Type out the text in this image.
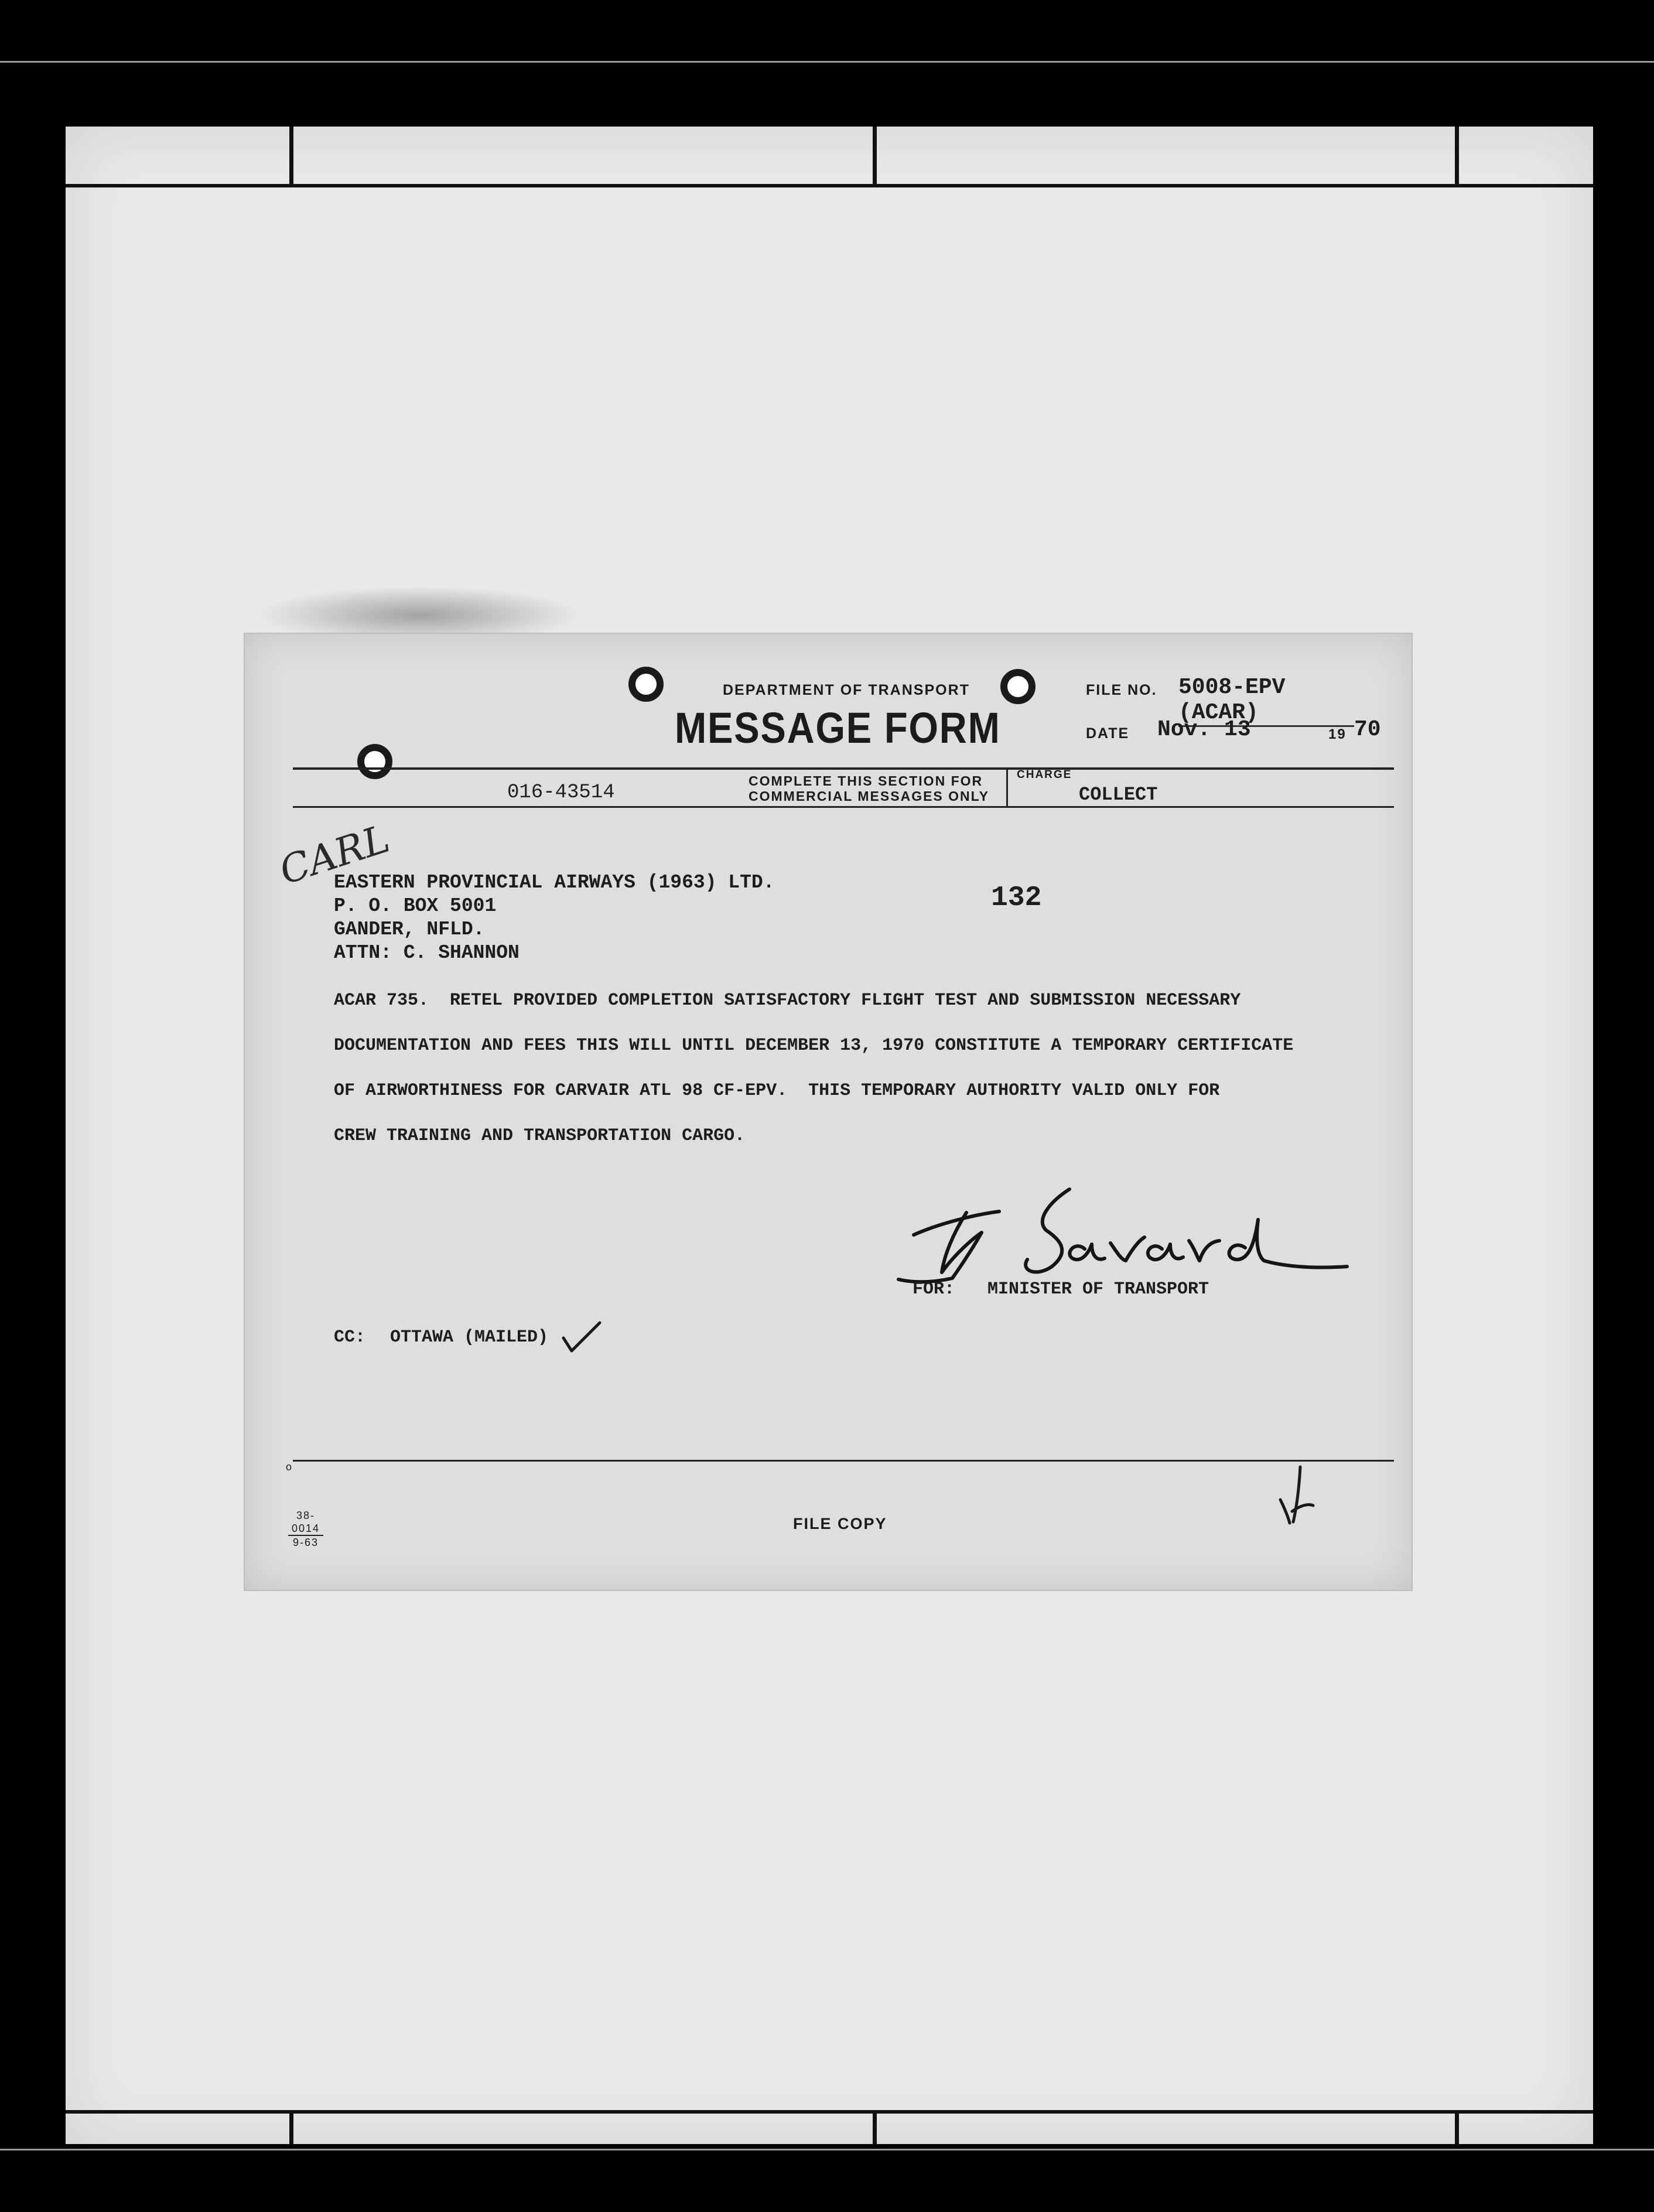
DEPARTMENT OF TRANSPORT
MESSAGE FORM
FILE NO. 5008-EPV (ACAR)
DATE Nov. 13	19 70
016-43514
COMPLETE THIS SECTION FOR
COMMERCIAL MESSAGES ONLY
CHARGE
COLLECT
CARL
EASTERN PROVINCIAL AIRWAYS (1963) LTD.
P. O. BOX 5001
GANDER, NFLD.
ATTN: C. SHANNON
132
ACAR 735.  RETEL PROVIDED COMPLETION SATISFACTORY FLIGHT TEST AND SUBMISSION NECESSARY
DOCUMENTATION AND FEES THIS WILL UNTIL DECEMBER 13, 1970 CONSTITUTE A TEMPORARY CERTIFICATE
OF AIRWORTHINESS FOR CARVAIR ATL 98 CF-EPV.  THIS TEMPORARY AUTHORITY VALID ONLY FOR
CREW TRAINING AND TRANSPORTATION CARGO.
FOR: MINISTER OF TRANSPORT
CC: OTTAWA (MAILED)
o
38-0014
9-63
FILE COPY
